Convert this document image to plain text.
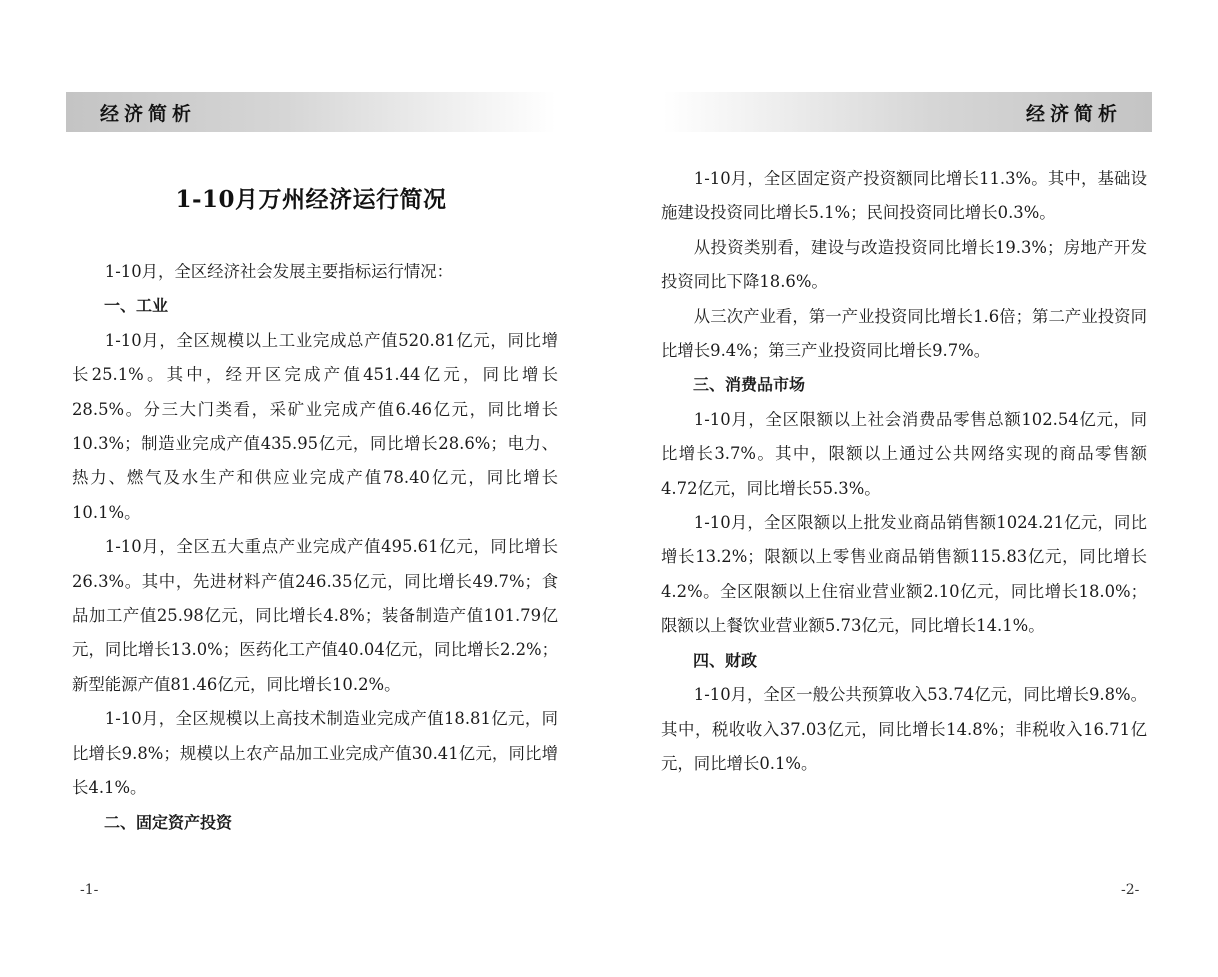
经济简析
1-10月万州经济运行简况

1-10月，全区经济社会发展主要指标运行情况：

一、工业

1-10月，全区规模以上工业完成总产值520.81亿元，同比增长25.1%。其中，经开区完成产值451.44亿元，同比增长28.5%。分三大门类看，采矿业完成产值6.46亿元，同比增长10.3%；制造业完成产值435.95亿元，同比增长28.6%；电力、热力、燃气及水生产和供应业完成产值78.40亿元，同比增长10.1%。

1-10月，全区五大重点产业完成产值495.61亿元，同比增长26.3%。其中，先进材料产值246.35亿元，同比增长49.7%；食品加工产值25.98亿元，同比增长4.8%；装备制造产值101.79亿元，同比增长13.0%；医药化工产值40.04亿元，同比增长2.2%；新型能源产值81.46亿元，同比增长10.2%。

1-10月，全区规模以上高技术制造业完成产值18.81亿元，同比增长9.8%；规模以上农产品加工业完成产值30.41亿元，同比增长4.1%。

二、固定资产投资

-1-
经济简析

1-10月，全区固定资产投资额同比增长11.3%。其中，基础设施建设投资同比增长5.1%；民间投资同比增长0.3%。

从投资类别看，建设与改造投资同比增长19.3%；房地产开发投资同比下降18.6%。

从三次产业看，第一产业投资同比增长1.6倍；第二产业投资同比增长9.4%；第三产业投资同比增长9.7%。

三、消费品市场

1-10月，全区限额以上社会消费品零售总额102.54亿元，同比增长3.7%。其中，限额以上通过公共网络实现的商品零售额4.72亿元，同比增长55.3%。

1-10月，全区限额以上批发业商品销售额1024.21亿元，同比增长13.2%；限额以上零售业商品销售额115.83亿元，同比增长4.2%。全区限额以上住宿业营业额2.10亿元，同比增长18.0%；限额以上餐饮业营业额5.73亿元，同比增长14.1%。

四、财政

1-10月，全区一般公共预算收入53.74亿元，同比增长9.8%。其中，税收收入37.03亿元，同比增长14.8%；非税收入16.71亿元，同比增长0.1%。

-2-
